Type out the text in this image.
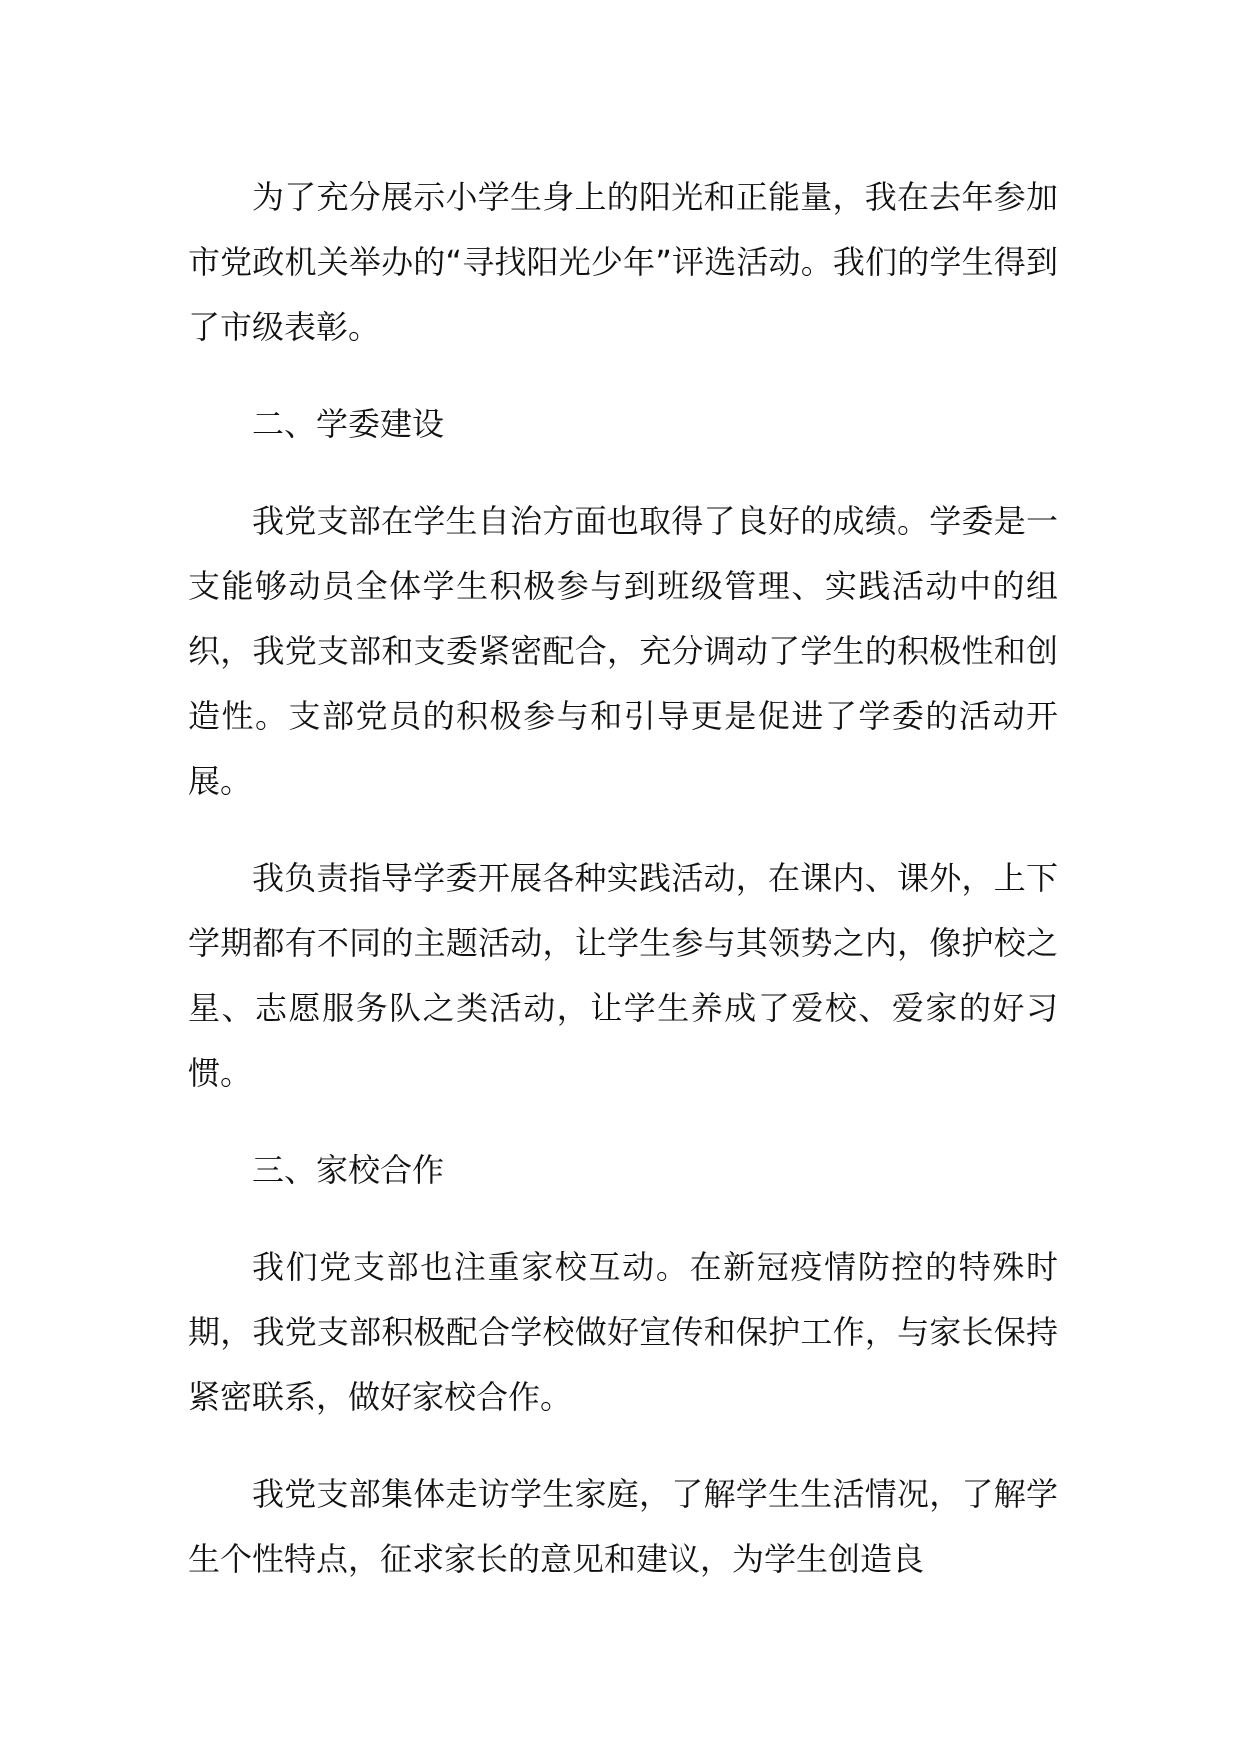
为了充分展示小学生身上的阳光和正能量，我在去年参加市党政机关举办的“寻找阳光少年”评选活动。我们的学生得到了市级表彰。

二、学委建设

我党支部在学生自治方面也取得了良好的成绩。学委是一支能够动员全体学生积极参与到班级管理、实践活动中的组织，我党支部和支委紧密配合，充分调动了学生的积极性和创造性。支部党员的积极参与和引导更是促进了学委的活动开展。

我负责指导学委开展各种实践活动，在课内、课外，上下学期都有不同的主题活动，让学生参与其领势之内，像护校之星、志愿服务队之类活动，让学生养成了爱校、爱家的好习惯。

三、家校合作

我们党支部也注重家校互动。在新冠疫情防控的特殊时期，我党支部积极配合学校做好宣传和保护工作，与家长保持紧密联系，做好家校合作。

我党支部集体走访学生家庭，了解学生生活情况，了解学生个性特点，征求家长的意见和建议，为学生创造良
